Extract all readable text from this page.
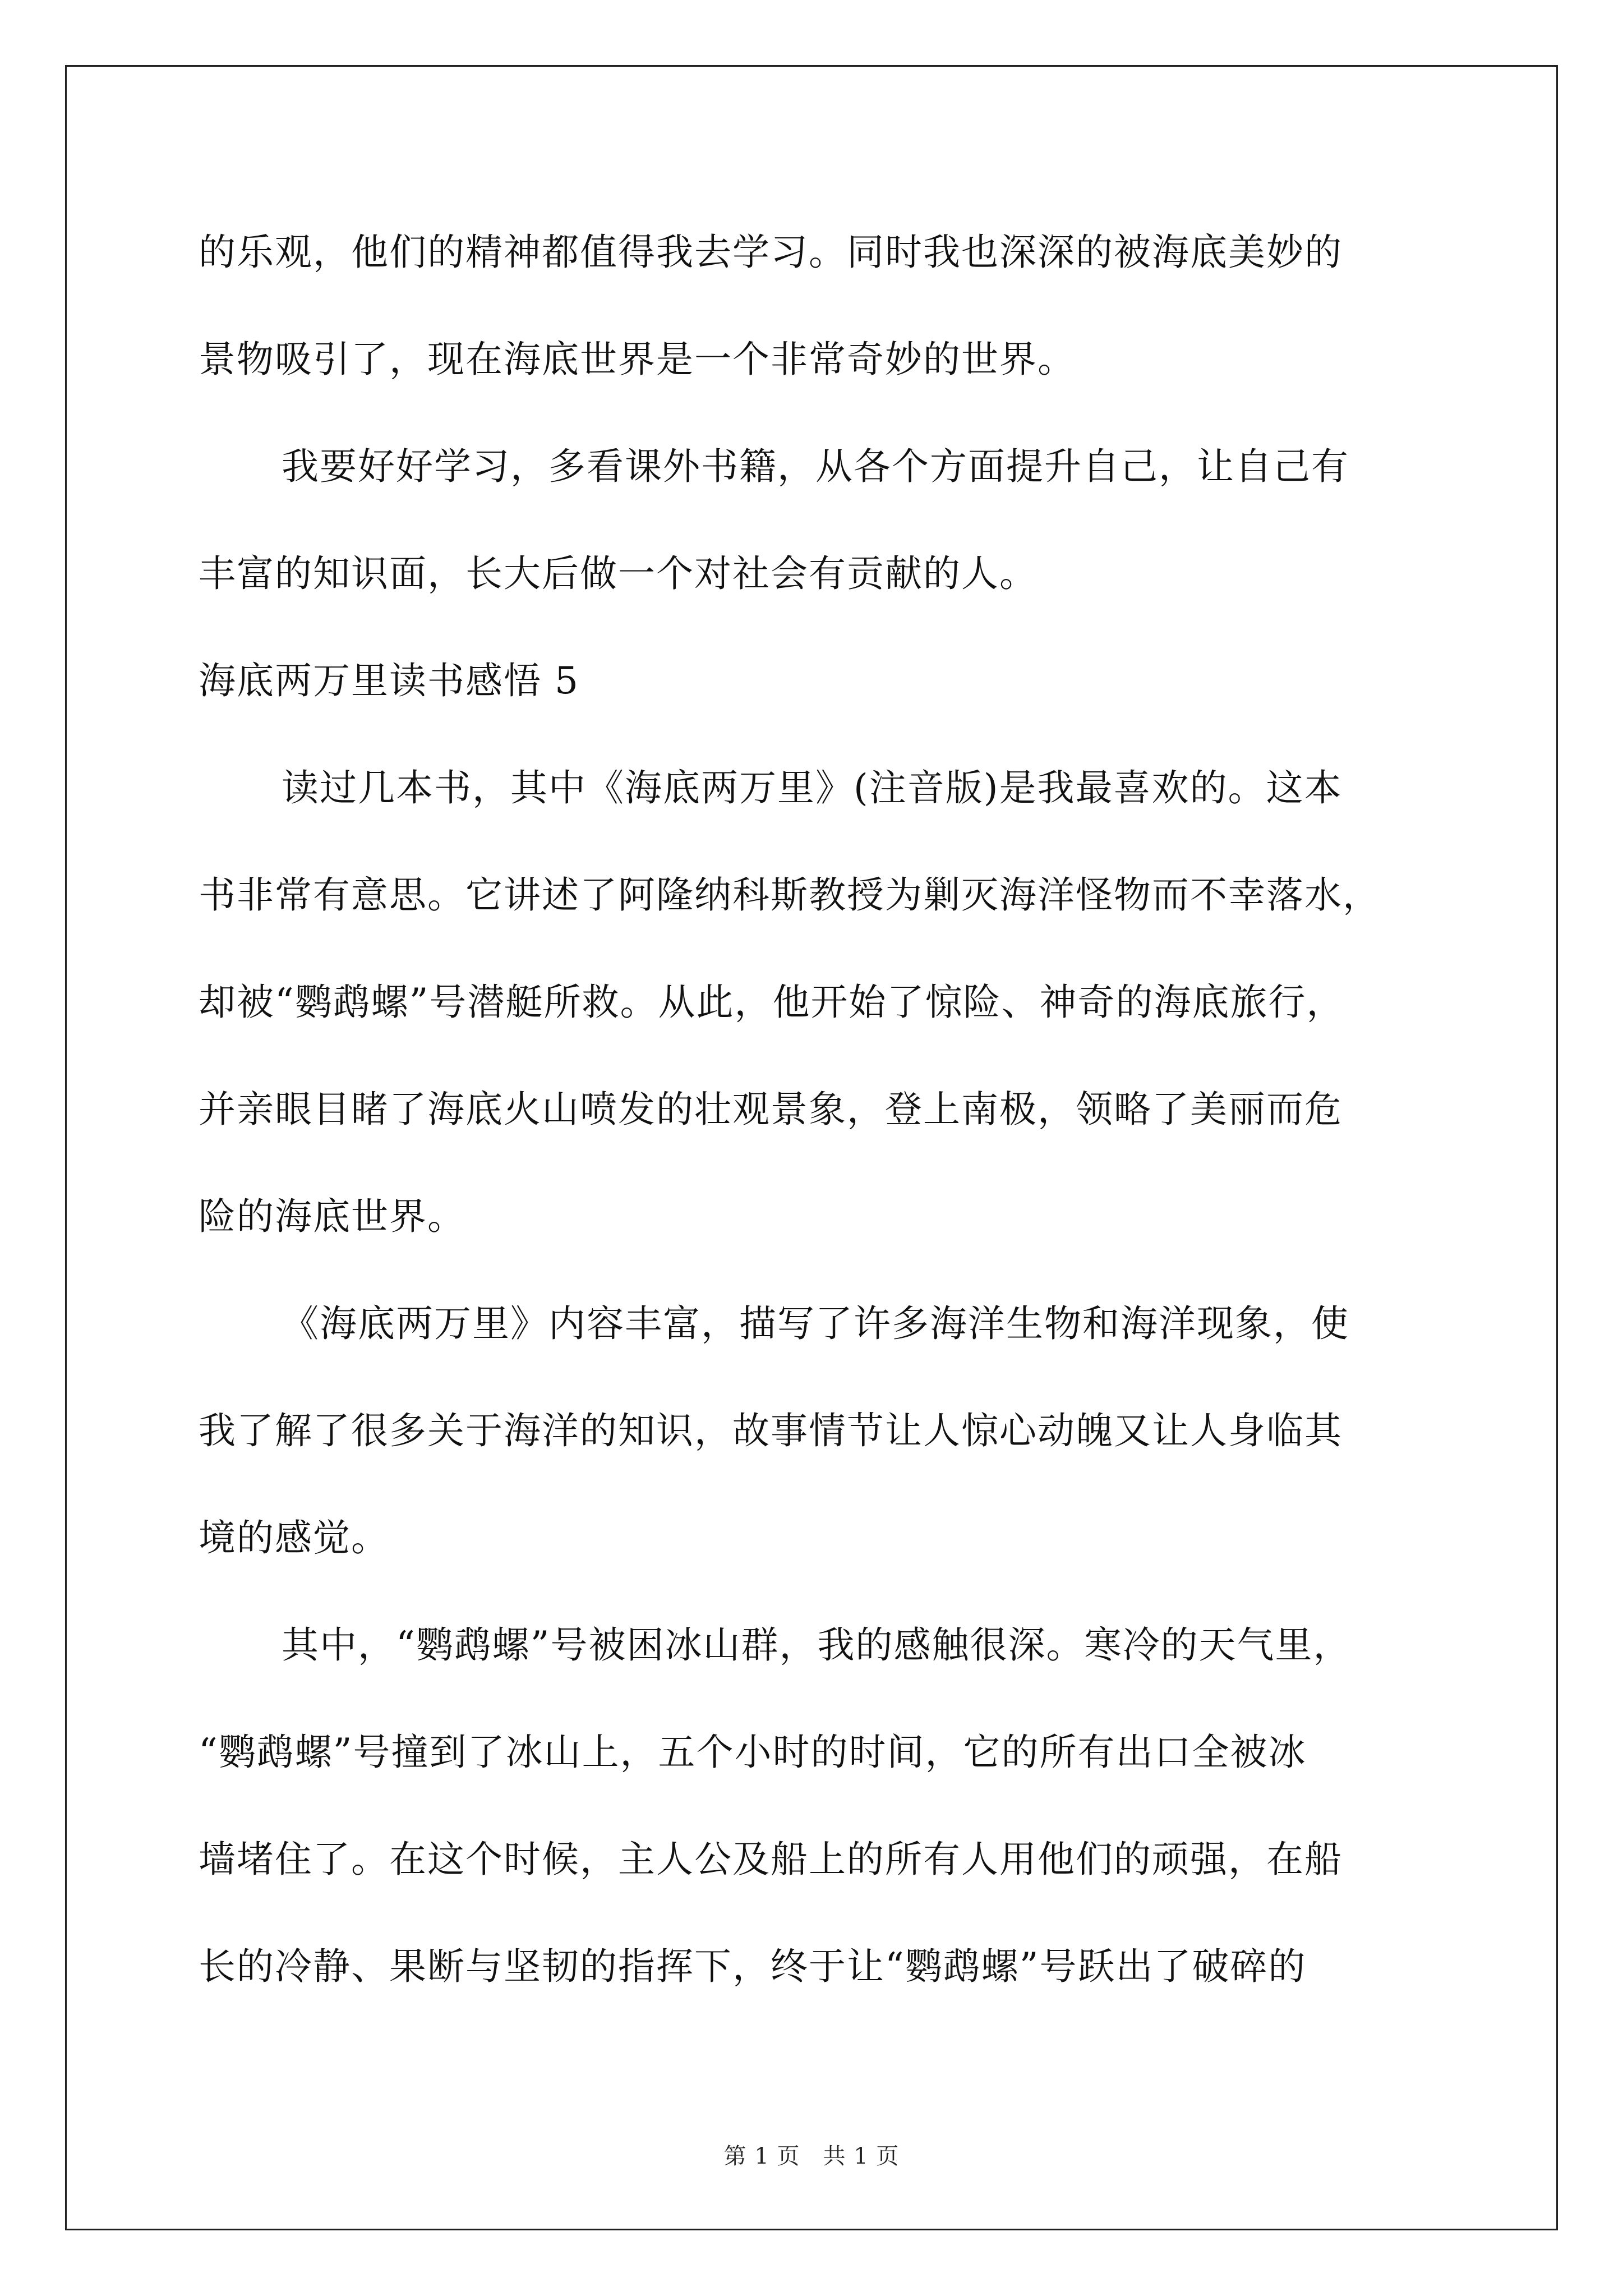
的乐观，他们的精神都值得我去学习。同时我也深深的被海底美妙的

景物吸引了，现在海底世界是一个非常奇妙的世界。

我要好好学习，多看课外书籍，从各个方面提升自己，让自己有

丰富的知识面，长大后做一个对社会有贡献的人。

海底两万里读书感悟 5

读过几本书，其中《海底两万里》(注音版)是我最喜欢的。这本

书非常有意思。它讲述了阿隆纳科斯教授为剿灭海洋怪物而不幸落水，

却被“鹦鹉螺”号潜艇所救。从此，他开始了惊险、神奇的海底旅行，

并亲眼目睹了海底火山喷发的壮观景象，登上南极，领略了美丽而危

险的海底世界。

《海底两万里》内容丰富，描写了许多海洋生物和海洋现象，使

我了解了很多关于海洋的知识，故事情节让人惊心动魄又让人身临其

境的感觉。

其中，“鹦鹉螺”号被困冰山群，我的感触很深。寒冷的天气里，

“鹦鹉螺”号撞到了冰山上，五个小时的时间，它的所有出口全被冰

墙堵住了。在这个时候，主人公及船上的所有人用他们的顽强，在船

长的冷静、果断与坚韧的指挥下，终于让“鹦鹉螺”号跃出了破碎的

第 1 页　共 1 页
